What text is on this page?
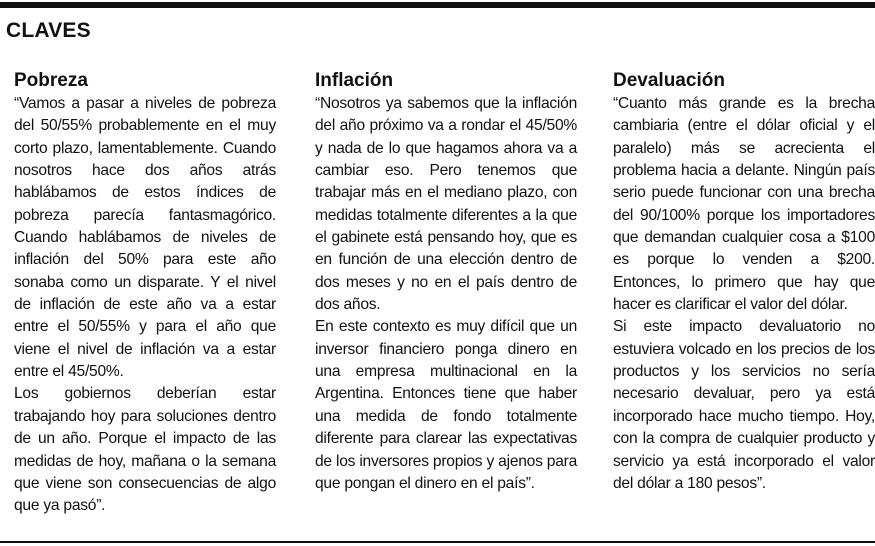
CLAVES
Pobreza

“Vamos a pasar a niveles de pobreza del 50/55% probablemente en el muy corto plazo, lamentablemente. Cuando nosotros hace dos años atrás hablábamos de estos índices de pobreza parecía fantasmagórico. Cuando hablábamos de niveles de inflación del 50% para este año sonaba como un disparate. Y el nivel de inflación de este año va a estar entre el 50/55% y para el año que viene el nivel de inflación va a estar entre el 45/50%.

Los gobiernos deberían estar trabajando hoy para soluciones dentro de un año. Porque el impacto de las medidas de hoy, mañana o la semana que viene son consecuencias de algo que ya pasó”.

Inflación

“Nosotros ya sabemos que la inflación del año próximo va a rondar el 45/50% y nada de lo que hagamos ahora va a cambiar eso. Pero tenemos que trabajar más en el mediano plazo, con medidas totalmente diferentes a la que el gabinete está pensando hoy, que es en función de una elección dentro de dos meses y no en el país dentro de dos años.

En este contexto es muy difícil que un inversor financiero ponga dinero en una empresa multinacional en la Argentina. Entonces tiene que haber una medida de fondo totalmente diferente para clarear las expectativas de los inversores propios y ajenos para que pongan el dinero en el país”.

Devaluación

“Cuanto más grande es la brecha cambiaria (entre el dólar oficial y el paralelo) más se acrecienta el problema hacia a delante. Ningún país serio puede funcionar con una brecha del 90/100% porque los importadores que demandan cualquier cosa a $100 es porque lo venden a $200. Entonces, lo primero que hay que hacer es clarificar el valor del dólar.

Si este impacto devaluatorio no estuviera volcado en los precios de los productos y los servicios no sería necesario devaluar, pero ya está incorporado hace mucho tiempo. Hoy, con la compra de cualquier producto y servicio ya está incorporado el valor del dólar a 180 pesos”.
